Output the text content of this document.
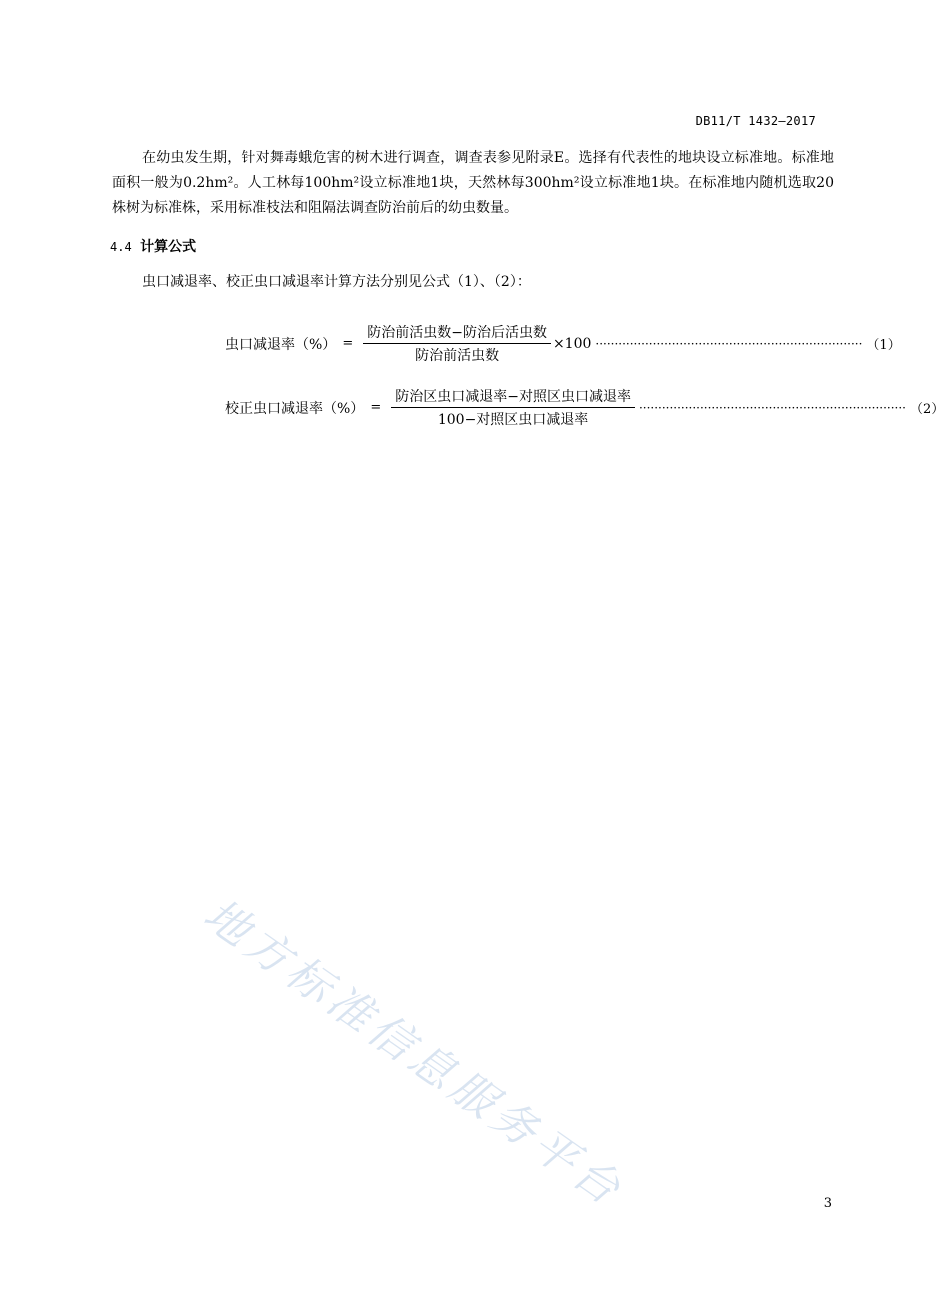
DB11/T 1432—2017

在幼虫发生期，针对舞毒蛾危害的树木进行调查，调查表参见附录E。选择有代表性的地块设立标准地。标准地面积一般为0.2hm²。人工林每100hm²设立标准地1块，天然林每300hm²设立标准地1块。在标准地内随机选取20株树为标准株，采用标准枝法和阻隔法调查防治前后的幼虫数量。

4.4 计算公式

虫口减退率、校正虫口减退率计算方法分别见公式（1）、（2）：

虫口减退率（%） = $\frac{\text{防治前活虫数−防治后活虫数}}{\text{防治前活虫数}} \times 100$ ······································································ （1）
校正虫口减退率（%） = $\frac{\text{防治区虫口减退率−对照区虫口减退率}}{\text{100−对照区虫口减退率}}$ ······································································ （2）
地方标准信息服务平台	3
